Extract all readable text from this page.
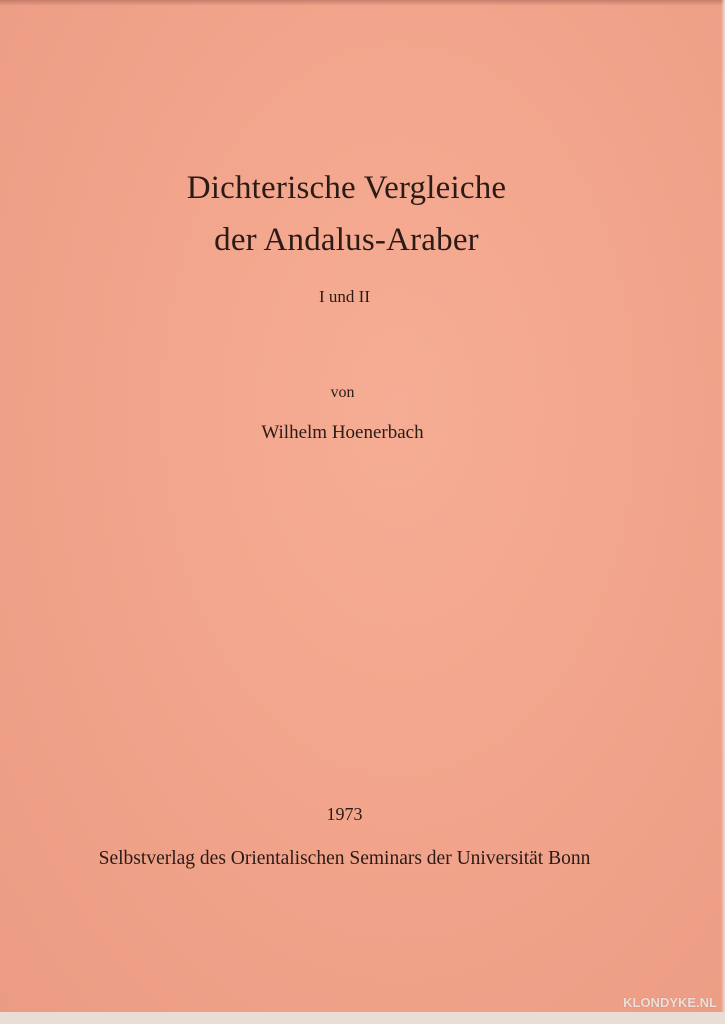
Dichterische Vergleiche
der Andalus-Araber
I und II
von
Wilhelm Hoenerbach
1973
Selbstverlag des Orientalischen Seminars der Universität Bonn
KLONDYKE.NL
